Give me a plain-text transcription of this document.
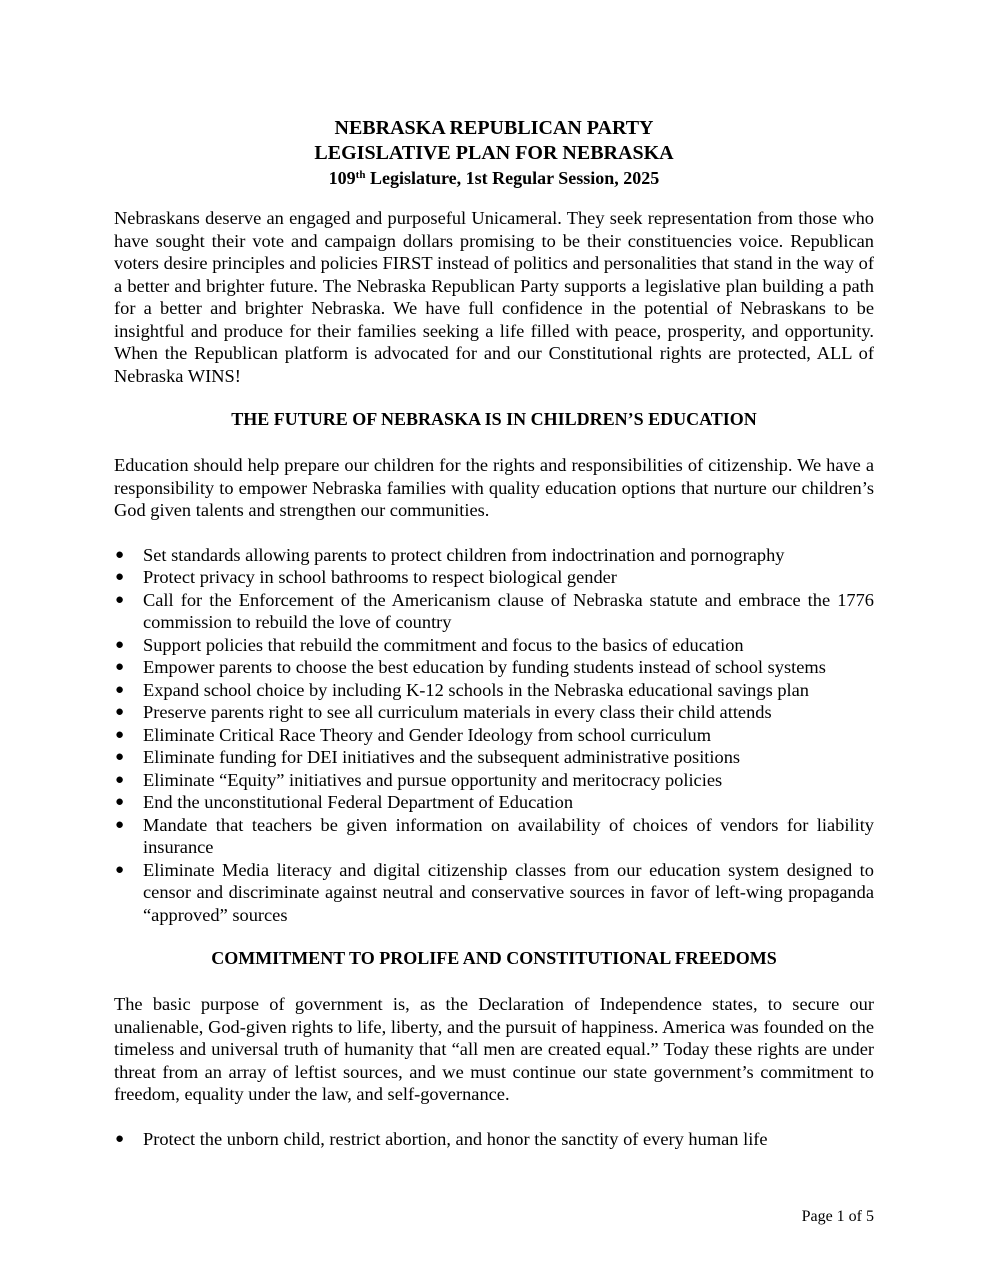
NEBRASKA REPUBLICAN PARTY
LEGISLATIVE PLAN FOR NEBRASKA
109th Legislature, 1st Regular Session, 2025

Nebraskans deserve an engaged and purposeful Unicameral. They seek representation from those who have sought their vote and campaign dollars promising to be their constituencies voice. Republican voters desire principles and policies FIRST instead of politics and personalities that stand in the way of a better and brighter future. The Nebraska Republican Party supports a legislative plan building a path for a better and brighter Nebraska. We have full confidence in the potential of Nebraskans to be insightful and produce for their families seeking a life filled with peace, prosperity, and opportunity. When the Republican platform is advocated for and our Constitutional rights are protected, ALL of Nebraska WINS!

THE FUTURE OF NEBRASKA IS IN CHILDREN’S EDUCATION

Education should help prepare our children for the rights and responsibilities of citizenship. We have a responsibility to empower Nebraska families with quality education options that nurture our children’s God given talents and strengthen our communities.

● Set standards allowing parents to protect children from indoctrination and pornography
● Protect privacy in school bathrooms to respect biological gender
● Call for the Enforcement of the Americanism clause of Nebraska statute and embrace the 1776 commission to rebuild the love of country
● Support policies that rebuild the commitment and focus to the basics of education
● Empower parents to choose the best education by funding students instead of school systems
● Expand school choice by including K-12 schools in the Nebraska educational savings plan
● Preserve parents right to see all curriculum materials in every class their child attends
● Eliminate Critical Race Theory and Gender Ideology from school curriculum
● Eliminate funding for DEI initiatives and the subsequent administrative positions
● Eliminate “Equity” initiatives and pursue opportunity and meritocracy policies
● End the unconstitutional Federal Department of Education
● Mandate that teachers be given information on availability of choices of vendors for liability insurance
● Eliminate Media literacy and digital citizenship classes from our education system designed to censor and discriminate against neutral and conservative sources in favor of left-wing propaganda “approved” sources
COMMITMENT TO PROLIFE AND CONSTITUTIONAL FREEDOMS

The basic purpose of government is, as the Declaration of Independence states, to secure our unalienable, God-given rights to life, liberty, and the pursuit of happiness. America was founded on the timeless and universal truth of humanity that “all men are created equal.” Today these rights are under threat from an array of leftist sources, and we must continue our state government’s commitment to freedom, equality under the law, and self-governance.

● Protect the unborn child, restrict abortion, and honor the sanctity of every human life
Page 1 of 5
